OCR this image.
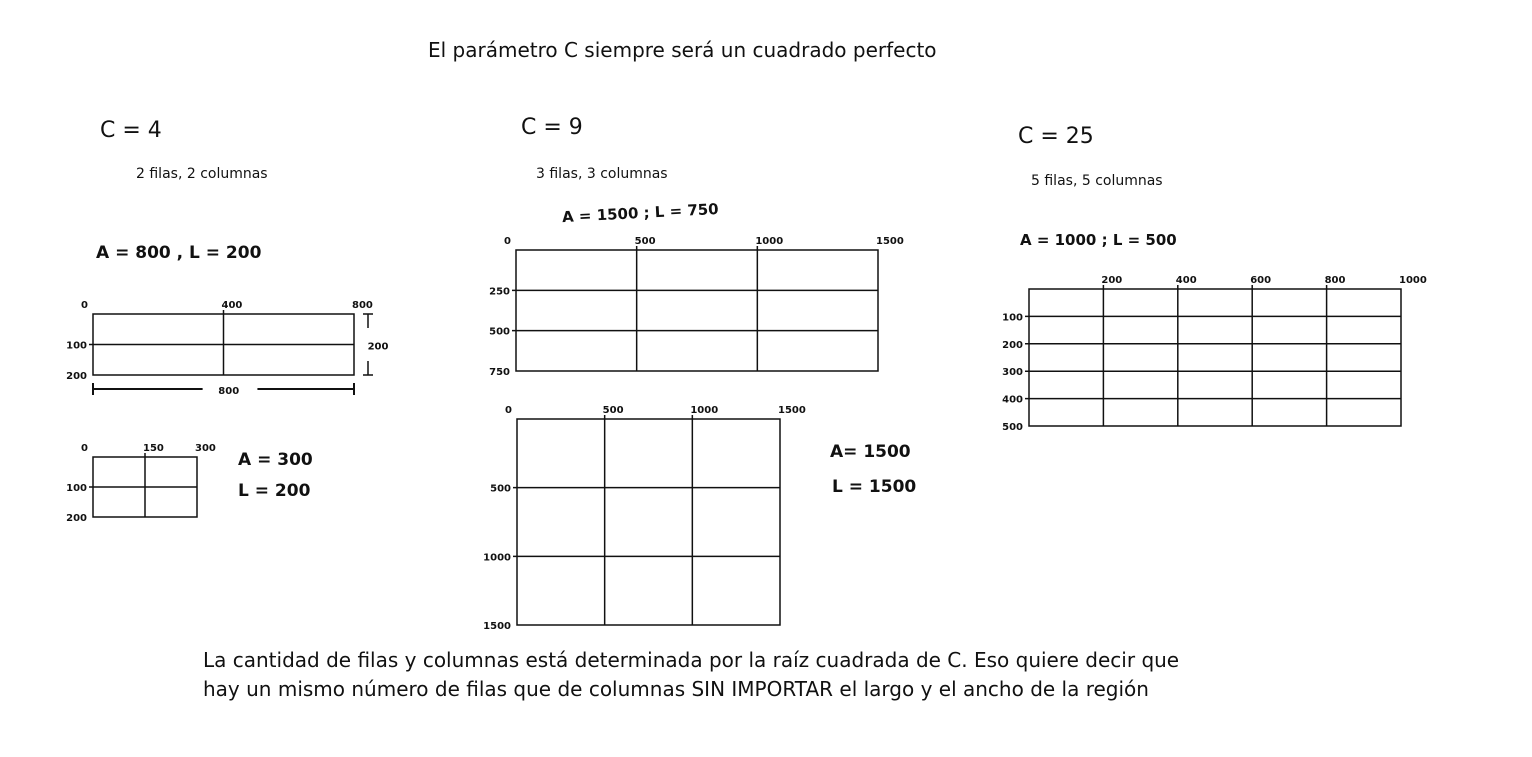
El parámetro C siempre será un cuadrado perfecto
C = 4
2 filas, 2 columnas
A = 800 , L = 200
C = 9
3 filas, 3 columnas
A = 1500 ; L = 750
C = 25
5 filas, 5 columnas
A = 1000 ; L = 500
A = 300
L = 200
A= 1500
L = 1500
0	400	800
100
200
200
800
0	150	300
100
200
0	500	1000	1500
250
500
750
0	500	1000	1500
500
1000
1500
200	400	600	800	1000
100
200
300
400
500
La cantidad de filas y columnas está determinada por la raíz cuadrada de C. Eso quiere decir que
hay un mismo número de filas que de columnas SIN IMPORTAR el largo y el ancho de la región
